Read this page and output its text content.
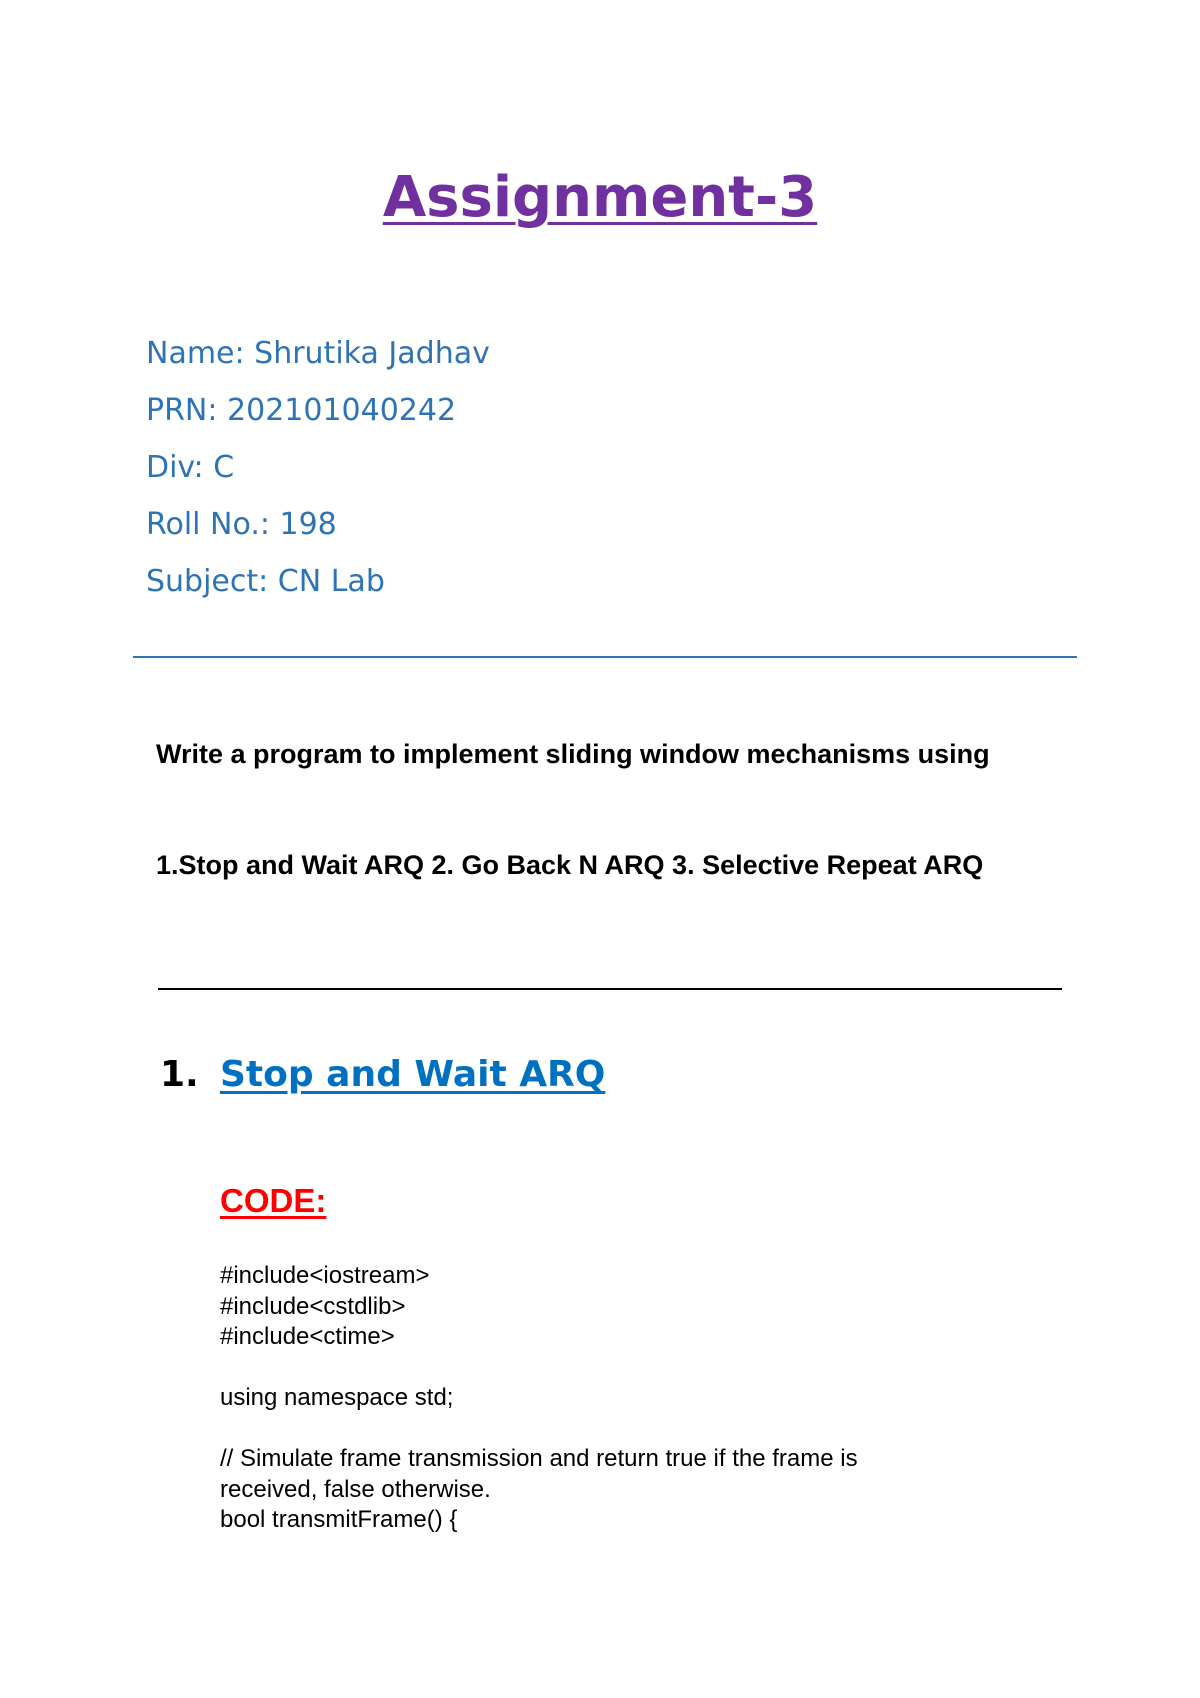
Assignment-3
Name: Shrutika Jadhav
PRN: 202101040242
Div: C
Roll No.: 198
Subject: CN Lab
Write a program to implement sliding window mechanisms using
1.Stop and Wait ARQ 2. Go Back N ARQ 3. Selective Repeat ARQ
1. Stop and Wait ARQ
CODE:
#include<iostream>
#include<cstdlib>
#include<ctime>
using namespace std;
// Simulate frame transmission and return true if the frame is
received, false otherwise.
bool transmitFrame() {
